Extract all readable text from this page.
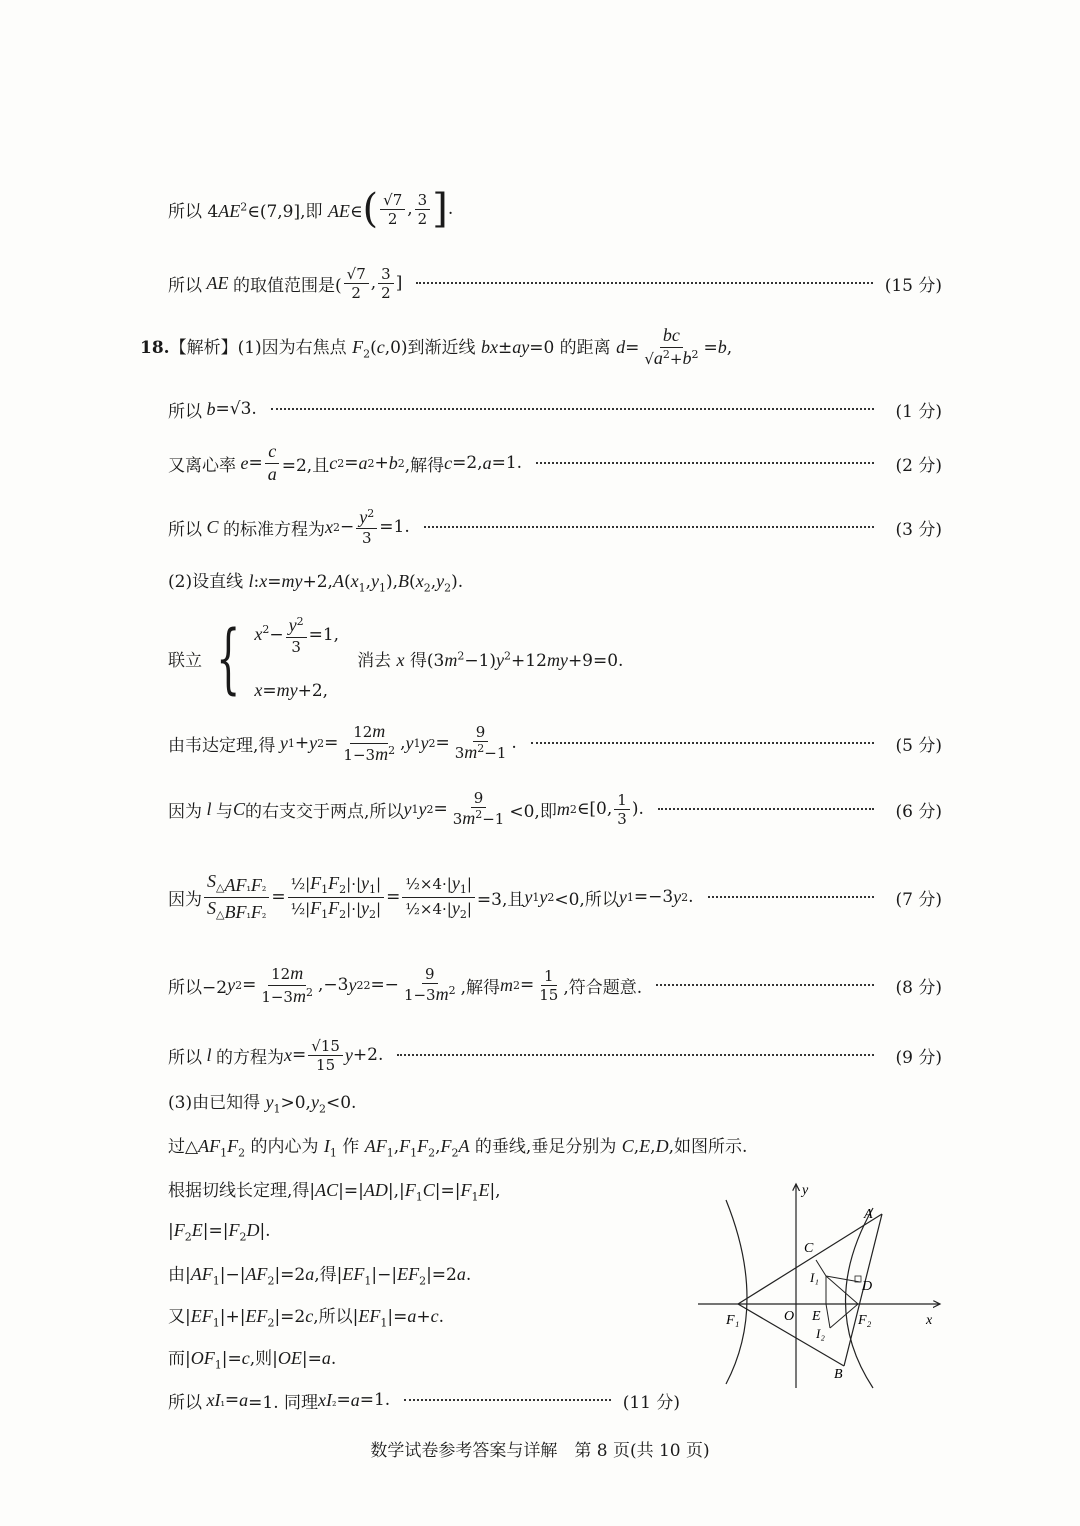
所以 $4AE^2\in(7,9]$,即 AE∈ ( $\frac{√7}{2}$ , $\frac{3}{2}$ ] .
所以 AE 的取值范围是( $\frac{√7}{2}$ , $\frac{3}{2}$ ]	(15 分)
18.【解析】(1)因为右焦点 $F_2(c,0)$到渐近线 bx±ay=0 的距离 $d= \frac{bc}{√a^2+b^2} =b$,
所以 b =√3.	(1 分)
又离心率 $e = \frac{c}{a} =2$,且 c 2 = a 2 + b 2 ,解得 c =2, a =1.	(2 分)
所以 C 的标准方程为 x $2 - \frac{y^2}{3} =1$.	(3 分)
(2)设直线 $l:x=my+2,A(x_1,y_1),B(x_2,y_2)$.
联立 { $x^2- \frac{y^2}{3} =1$,
x=my+2,
消去 x 得$(3m^2-1)y^2+12my+9=0$.
由韦达定理,得 y 1 + y $2 = \frac{12m}{1-3m^2}$ , y 1 y $2 = \frac{9}{3m^2-1}$ .	(5 分)
因为 l 与 C 的右支交于两点,所以 y 1 y $2 = \frac{9}{3m^2-1} <0$,即 m 2 ∈[0, $\frac{1}{3}$ ).	(6 分)
因为 $\frac{S_{\triangle AF_1F_2}}{S_{\triangle BF_1F_2}} = \frac{\frac{1}{2}|F_1F_2|\cdot|y_1|}{\frac{1}{2}|F_1F_2|\cdot|y_2|} = \frac{\frac{1}{2}\times 4\cdot|y_1|}{\frac{1}{2}\times 4\cdot|y_2|} =3$,且 y 1 y 2 <0,所以 y 1 =−3 y 2 .	(7 分)
所以−2 y $2 = \frac{12m}{1-3m^2} ,-3$ y 2 $2 =- \frac{9}{1-3m^2}$ ,解得 m $2 = \frac{1}{15}$ ,符合题意.	(8 分)
所以 l 的方程为 $x = \frac{√15}{15}$ y +2.	(9 分)
(3)由已知得 $y_1>0,y_2<0$.
过$\triangle AF_1F_2$ 的内心为 $I_1$ 作 $AF_1,F_1F_2,F_2A$ 的垂线,垂足分别为 C,E,D,如图所示.
根据切线长定理,得$|AC|=|AD|,|F_1C|=|F_1E|$,
$|F_2E|=|F_2D|$.
由$|AF_1|-|AF_2|=2a$,得$|EF_1|-|EF_2|=2a$.
又$|EF_1|+|EF_2|=2c$,所以$|EF_1|=a+c$.
而$|OF_1|=c$,则|OE|=a.
所以 x I₁ = a =1. 同理 x I₂ = a =1.	(11 分)
y
x
A
B
C
D
E
O
F₁	F₂
I₁
I₂
数学试卷参考答案与详解　第 8 页(共 10 页)
